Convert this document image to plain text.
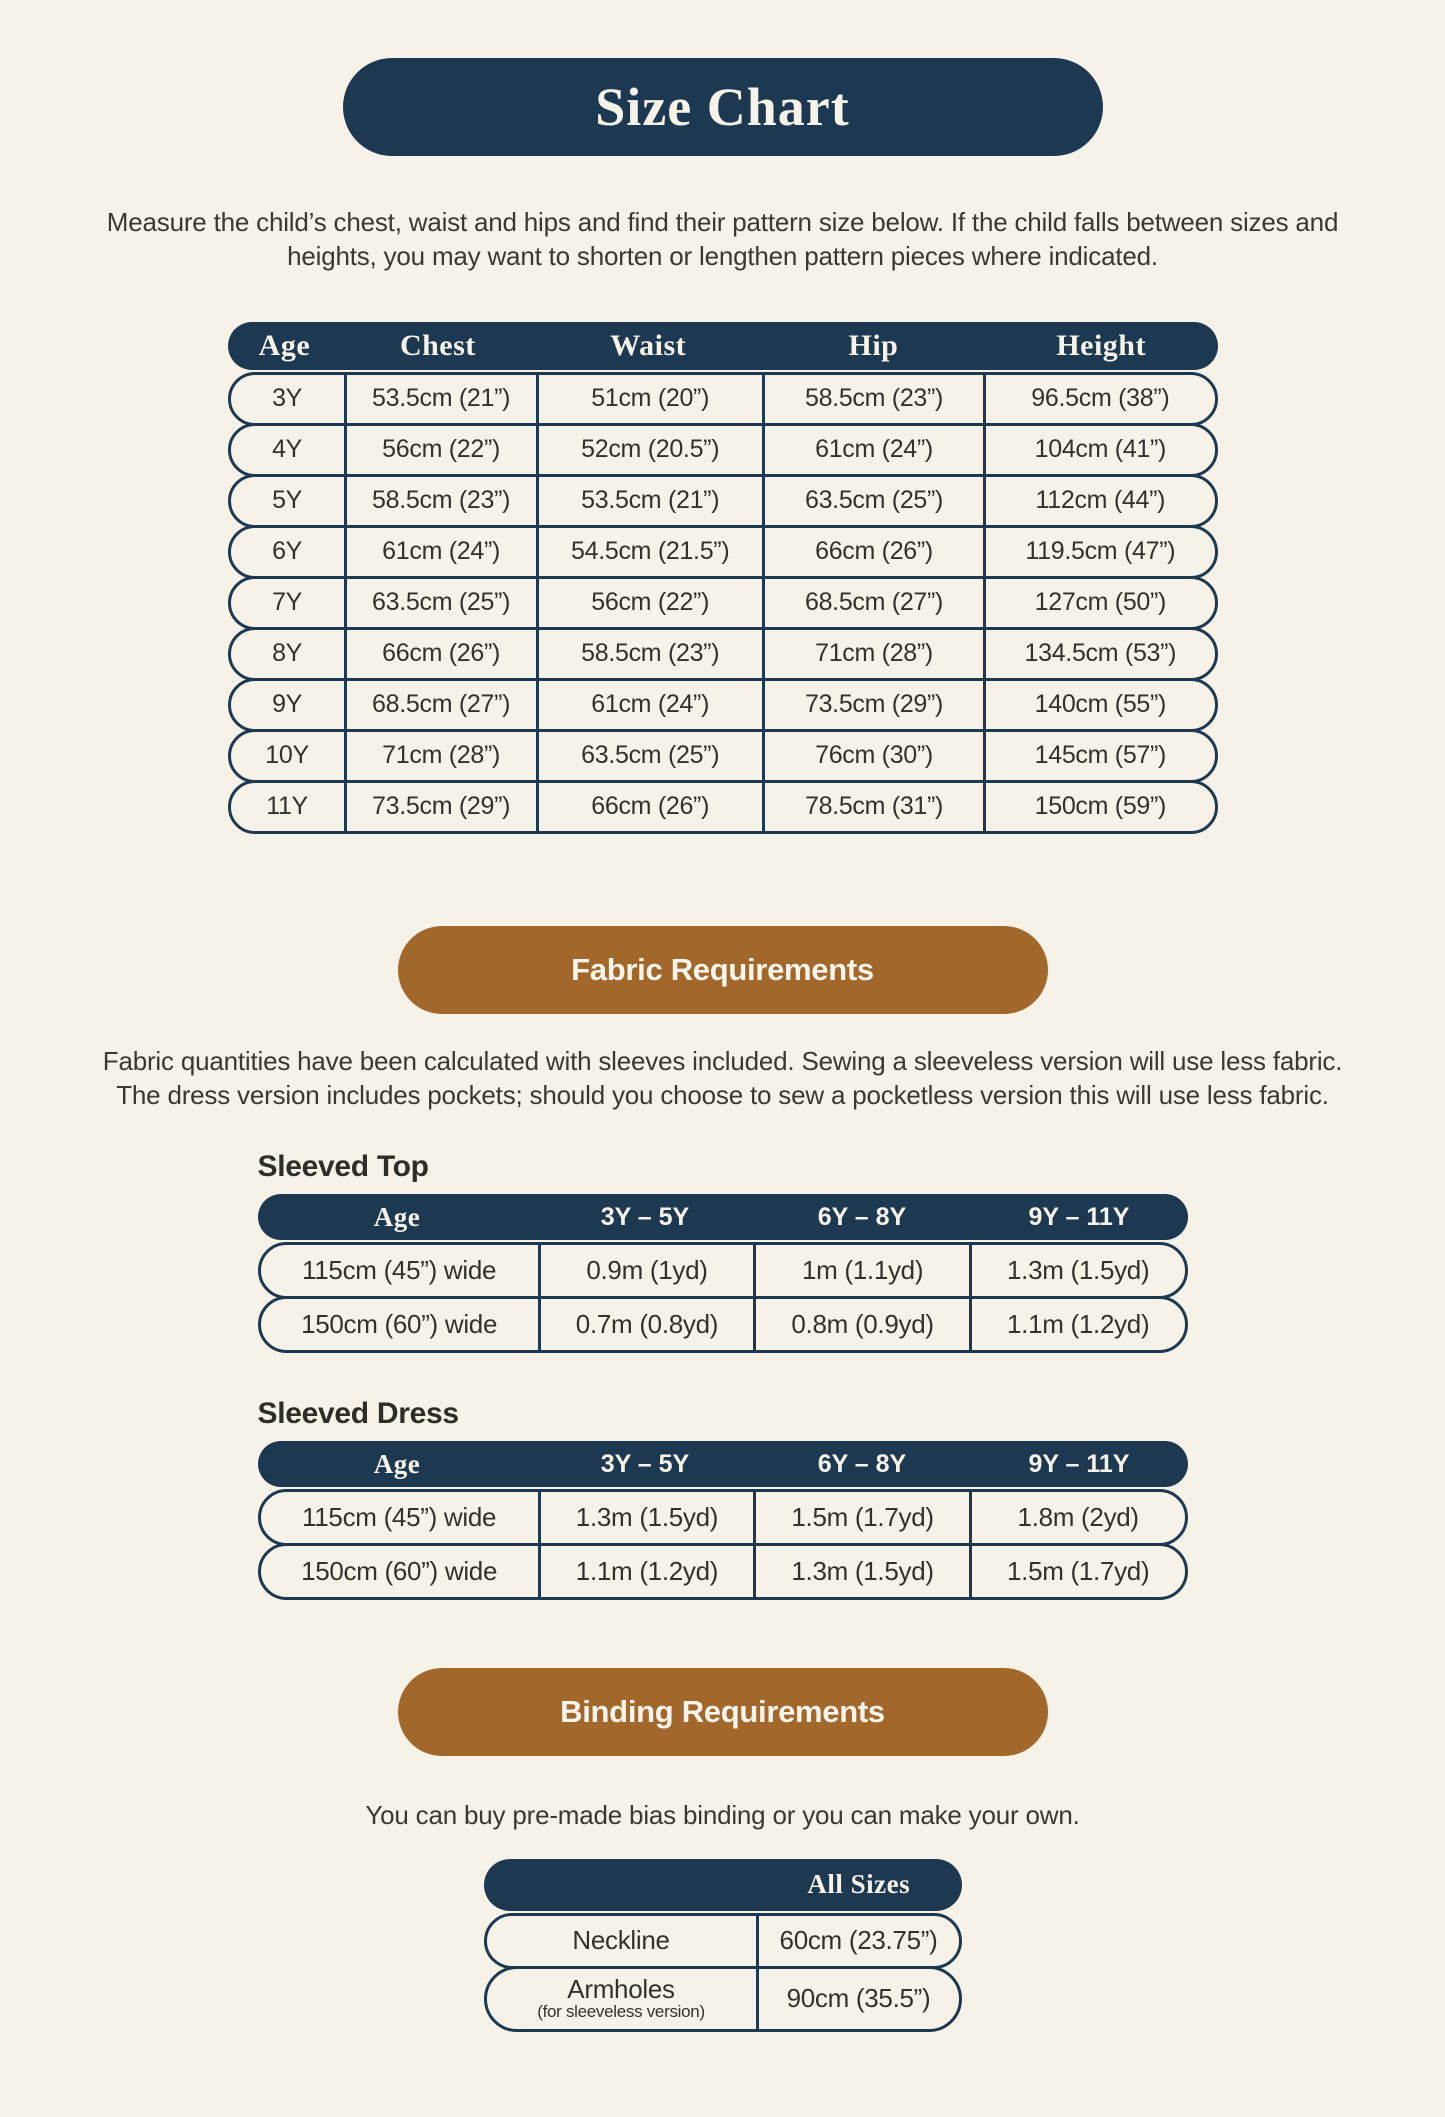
Size Chart
Measure the child’s chest, waist and hips and find their pattern size below. If the child falls between sizes and heights, you may want to shorten or lengthen pattern pieces where indicated.
Age	Chest	Waist	Hip	Height
3Y	53.5cm (21”)	51cm (20”)	58.5cm (23”)	96.5cm (38”)
4Y	56cm (22”)	52cm (20.5”)	61cm (24”)	104cm (41”)
5Y	58.5cm (23”)	53.5cm (21”)	63.5cm (25”)	112cm (44”)
6Y	61cm (24”)	54.5cm (21.5”)	66cm (26”)	119.5cm (47”)
7Y	63.5cm (25”)	56cm (22”)	68.5cm (27”)	127cm (50”)
8Y	66cm (26”)	58.5cm (23”)	71cm (28”)	134.5cm (53”)
9Y	68.5cm (27”)	61cm (24”)	73.5cm (29”)	140cm (55”)
10Y	71cm (28”)	63.5cm (25”)	76cm (30”)	145cm (57”)
11Y	73.5cm (29”)	66cm (26”)	78.5cm (31”)	150cm (59”)
Fabric Requirements
Fabric quantities have been calculated with sleeves included. Sewing a sleeveless version will use less fabric. The dress version includes pockets; should you choose to sew a pocketless version this will use less fabric.
Sleeved Top
Age	3Y – 5Y	6Y – 8Y	9Y – 11Y
115cm (45”) wide	0.9m (1yd)	1m (1.1yd)	1.3m (1.5yd)
150cm (60”) wide	0.7m (0.8yd)	0.8m (0.9yd)	1.1m (1.2yd)
Sleeved Dress
Age	3Y – 5Y	6Y – 8Y	9Y – 11Y
115cm (45”) wide	1.3m (1.5yd)	1.5m (1.7yd)	1.8m (2yd)
150cm (60”) wide	1.1m (1.2yd)	1.3m (1.5yd)	1.5m (1.7yd)
Binding Requirements
You can buy pre-made bias binding or you can make your own.
All Sizes
Neckline	60cm (23.75”)
Armholes
(for sleeveless version)	90cm (35.5”)
